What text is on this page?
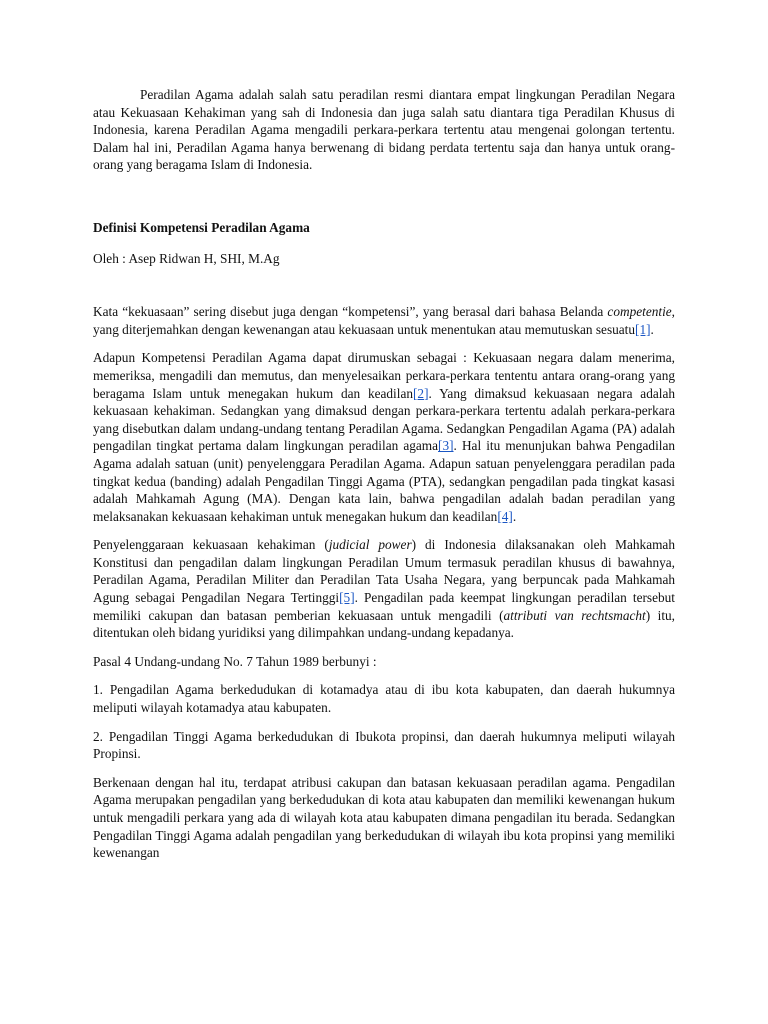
Peradilan Agama adalah salah satu peradilan resmi diantara empat lingkungan Peradilan Negara atau Kekuasaan Kehakiman yang sah di Indonesia dan juga salah satu diantara tiga Peradilan Khusus di Indonesia, karena Peradilan Agama mengadili perkara-perkara tertentu atau mengenai golongan tertentu. Dalam hal ini, Peradilan Agama hanya berwenang di bidang perdata tertentu saja dan hanya untuk orang-orang yang beragama Islam di Indonesia.

Definisi Kompetensi Peradilan Agama

Oleh : Asep Ridwan H, SHI, M.Ag

Kata “kekuasaan” sering disebut juga dengan “kompetensi”, yang berasal dari bahasa Belanda competentie, yang diterjemahkan dengan kewenangan atau kekuasaan untuk menentukan atau memutuskan sesuatu[1].

Adapun Kompetensi Peradilan Agama dapat dirumuskan sebagai : Kekuasaan negara dalam menerima, memeriksa, mengadili dan memutus, dan menyelesaikan perkara-perkara tententu antara orang-orang yang beragama Islam untuk menegakan hukum dan keadilan[2]. Yang dimaksud kekuasaan negara adalah kekuasaan kehakiman. Sedangkan yang dimaksud dengan perkara-perkara tertentu adalah perkara-perkara yang disebutkan dalam undang-undang tentang Peradilan Agama. Sedangkan Pengadilan Agama (PA) adalah pengadilan tingkat pertama dalam lingkungan peradilan agama[3]. Hal itu menunjukan bahwa Pengadilan Agama adalah satuan (unit) penyelenggara Peradilan Agama. Adapun satuan penyelenggara peradilan pada tingkat kedua (banding) adalah Pengadilan Tinggi Agama (PTA), sedangkan pengadilan pada tingkat kasasi adalah Mahkamah Agung (MA). Dengan kata lain, bahwa pengadilan adalah badan peradilan yang melaksanakan kekuasaan kehakiman untuk menegakan hukum dan keadilan[4].

Penyelenggaraan kekuasaan kehakiman (judicial power) di Indonesia dilaksanakan oleh Mahkamah Konstitusi dan pengadilan dalam lingkungan Peradilan Umum termasuk peradilan khusus di bawahnya, Peradilan Agama, Peradilan Militer dan Peradilan Tata Usaha Negara, yang berpuncak pada Mahkamah Agung sebagai Pengadilan Negara Tertinggi[5]. Pengadilan pada keempat lingkungan peradilan tersebut memiliki cakupan dan batasan pemberian kekuasaan untuk mengadili (attributi van rechtsmacht) itu, ditentukan oleh bidang yuridiksi yang dilimpahkan undang-undang kepadanya.

Pasal 4 Undang-undang No. 7 Tahun 1989 berbunyi :

1. Pengadilan Agama berkedudukan di kotamadya atau di ibu kota kabupaten, dan daerah hukumnya meliputi wilayah kotamadya atau kabupaten.

2. Pengadilan Tinggi Agama berkedudukan di Ibukota propinsi, dan daerah hukumnya meliputi wilayah Propinsi.

Berkenaan dengan hal itu, terdapat atribusi cakupan dan batasan kekuasaan peradilan agama. Pengadilan Agama merupakan pengadilan yang berkedudukan di kota atau kabupaten dan memiliki kewenangan hukum untuk mengadili perkara yang ada di wilayah kota atau kabupaten dimana pengadilan itu berada. Sedangkan Pengadilan Tinggi Agama adalah pengadilan yang berkedudukan di wilayah ibu kota propinsi yang memiliki kewenangan
